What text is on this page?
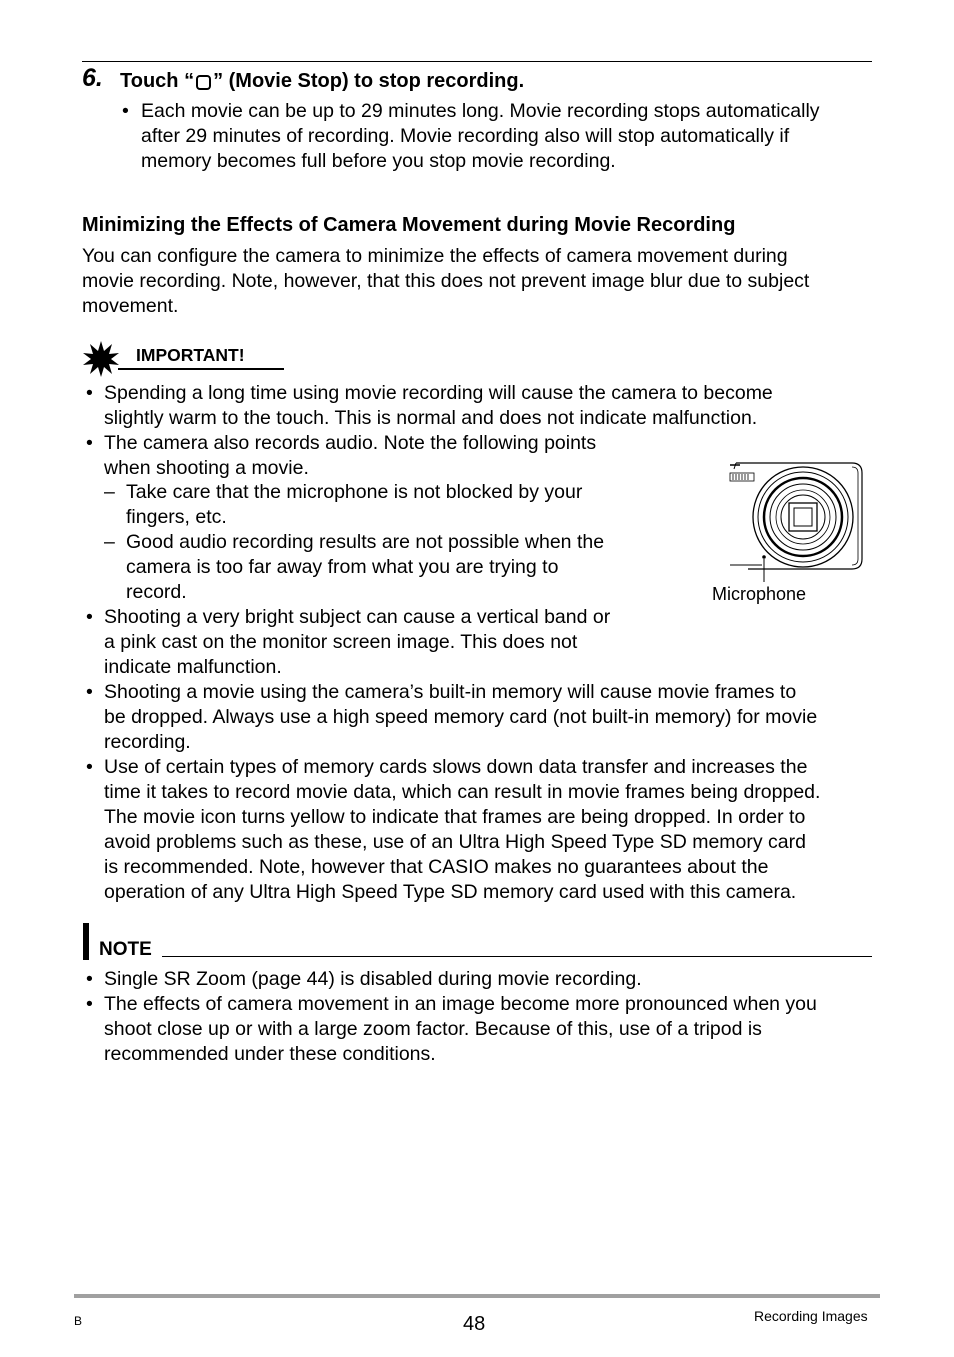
6. Touch “ ” (Movie Stop) to stop recording.
• Each movie can be up to 29 minutes long. Movie recording stops automatically
after 29 minutes of recording. Movie recording also will stop automatically if
memory becomes full before you stop movie recording.
Minimizing the Effects of Camera Movement during Movie Recording
You can configure the camera to minimize the effects of camera movement during
movie recording. Note, however, that this does not prevent image blur due to subject
movement.
IMPORTANT!
• Spending a long time using movie recording will cause the camera to become
slightly warm to the touch. This is normal and does not indicate malfunction.
• The camera also records audio. Note the following points
when shooting a movie.
– Take care that the microphone is not blocked by your
fingers, etc.
– Good audio recording results are not possible when the
camera is too far away from what you are trying to
record.
• Shooting a very bright subject can cause a vertical band or
a pink cast on the monitor screen image. This does not
indicate malfunction.
• Shooting a movie using the camera’s built-in memory will cause movie frames to
be dropped. Always use a high speed memory card (not built-in memory) for movie
recording.
• Use of certain types of memory cards slows down data transfer and increases the
time it takes to record movie data, which can result in movie frames being dropped.
The movie icon turns yellow to indicate that frames are being dropped. In order to
avoid problems such as these, use of an Ultra High Speed Type SD memory card
is recommended. Note, however that CASIO makes no guarantees about the
operation of any Ultra High Speed Type SD memory card used with this camera.
Microphone
NOTE
• Single SR Zoom (page 44) is disabled during movie recording.
• The effects of camera movement in an image become more pronounced when you
shoot close up or with a large zoom factor. Because of this, use of a tripod is
recommended under these conditions.
B	48	Recording Images
